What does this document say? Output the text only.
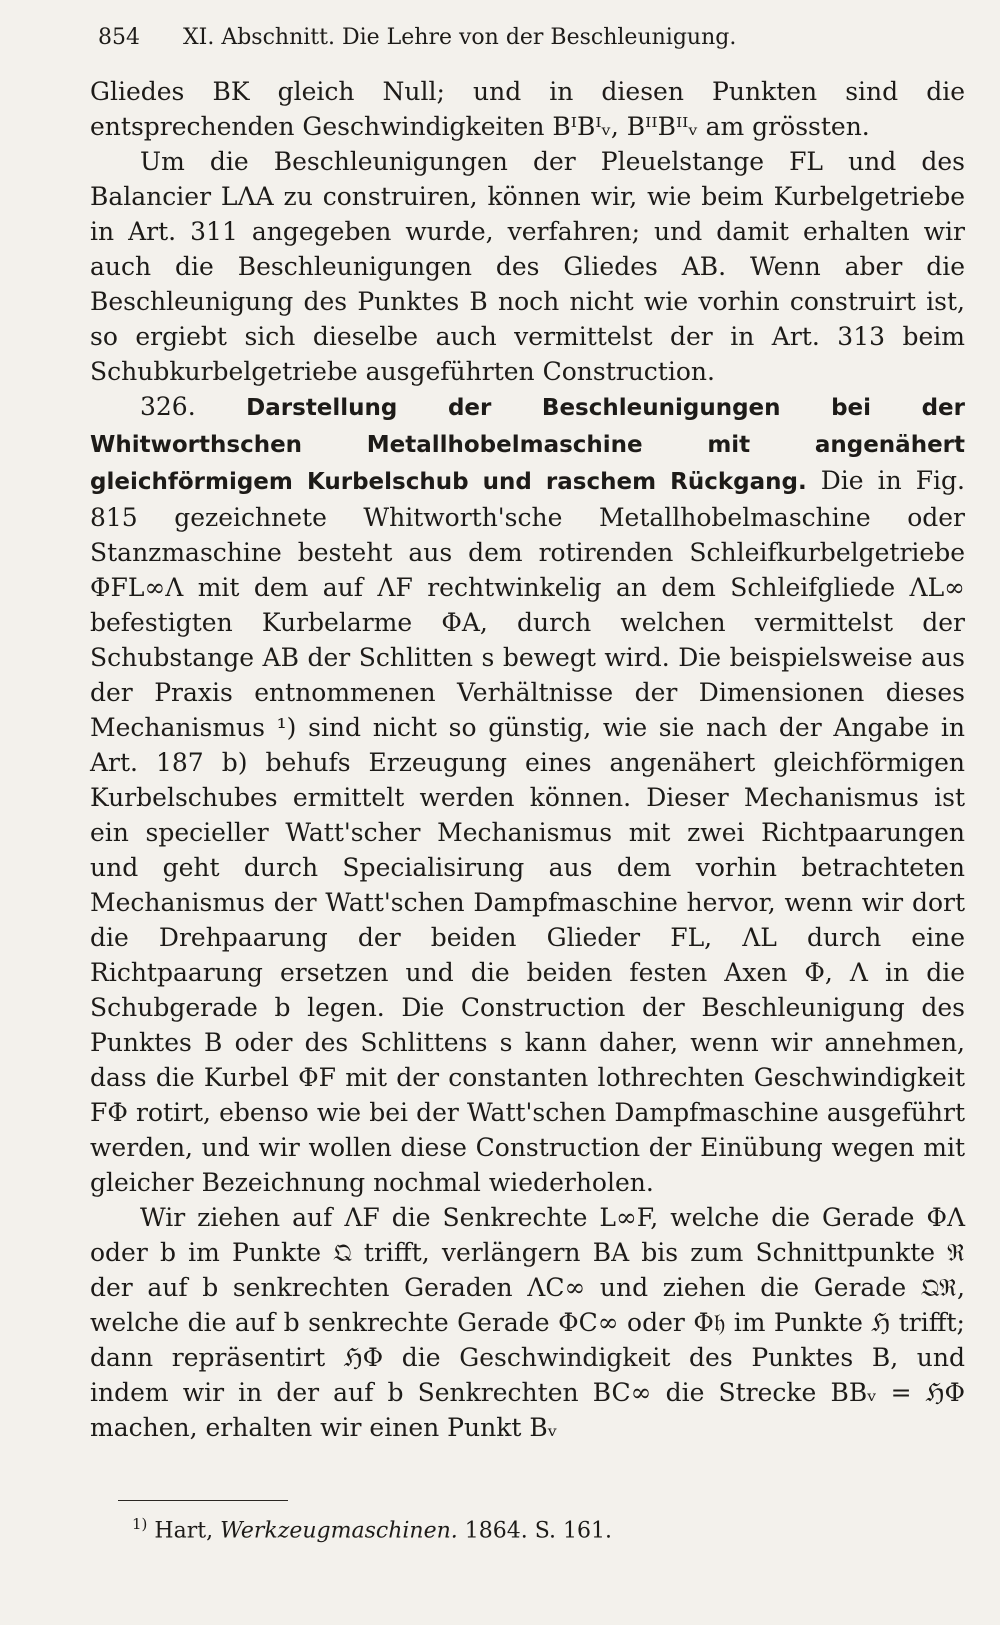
854 XI. Abschnitt. Die Lehre von der Beschleunigung.

Gliedes BK gleich Null; und in diesen Punkten sind die entsprechenden Geschwindigkeiten BᴵBᴵᵥ, BᴵᴵBᴵᴵᵥ am grössten.

Um die Beschleunigungen der Pleuelstange FL und des Balancier LΛA zu construiren, können wir, wie beim Kurbelgetriebe in Art. 311 angegeben wurde, verfahren; und damit erhalten wir auch die Beschleunigungen des Gliedes AB. Wenn aber die Beschleunigung des Punktes B noch nicht wie vorhin construirt ist, so ergiebt sich dieselbe auch vermittelst der in Art. 313 beim Schubkurbelgetriebe ausgeführten Construction.

326. Darstellung der Beschleunigungen bei der Whitworthschen Metallhobelmaschine mit angenähert gleichförmigem Kurbelschub und raschem Rückgang. Die in Fig. 815 gezeichnete Whitworth'sche Metallhobelmaschine oder Stanzmaschine besteht aus dem rotirenden Schleifkurbelgetriebe ΦFL∞Λ mit dem auf ΛF rechtwinkelig an dem Schleifgliede ΛL∞ befestigten Kurbelarme ΦA, durch welchen vermittelst der Schubstange AB der Schlitten s bewegt wird. Die beispielsweise aus der Praxis entnommenen Verhältnisse der Dimensionen dieses Mechanismus ¹) sind nicht so günstig, wie sie nach der Angabe in Art. 187 b) behufs Erzeugung eines angenähert gleichförmigen Kurbelschubes ermittelt werden können. Dieser Mechanismus ist ein specieller Watt'scher Mechanismus mit zwei Richtpaarungen und geht durch Specialisirung aus dem vorhin betrachteten Mechanismus der Watt'schen Dampfmaschine hervor, wenn wir dort die Drehpaarung der beiden Glieder FL, ΛL durch eine Richtpaarung ersetzen und die beiden festen Axen Φ, Λ in die Schubgerade b legen. Die Construction der Beschleunigung des Punktes B oder des Schlittens s kann daher, wenn wir annehmen, dass die Kurbel ΦF mit der constanten lothrechten Geschwindigkeit FΦ rotirt, ebenso wie bei der Watt'schen Dampfmaschine ausgeführt werden, und wir wollen diese Construction der Einübung wegen mit gleicher Bezeichnung nochmal wiederholen.

Wir ziehen auf ΛF die Senkrechte L∞F, welche die Gerade ΦΛ oder b im Punkte 𝔔 trifft, verlängern BA bis zum Schnittpunkte ℜ der auf b senkrechten Geraden ΛC∞ und ziehen die Gerade 𝔔ℜ, welche die auf b senkrechte Gerade ΦC∞ oder Φ𝔥 im Punkte ℌ trifft; dann repräsentirt ℌΦ die Geschwindigkeit des Punktes B, und indem wir in der auf b Senkrechten BC∞ die Strecke BBᵥ = ℌΦ machen, erhalten wir einen Punkt Bᵥ

$^{1)}$ Hart, Werkzeugmaschinen. 1864. S. 161.
